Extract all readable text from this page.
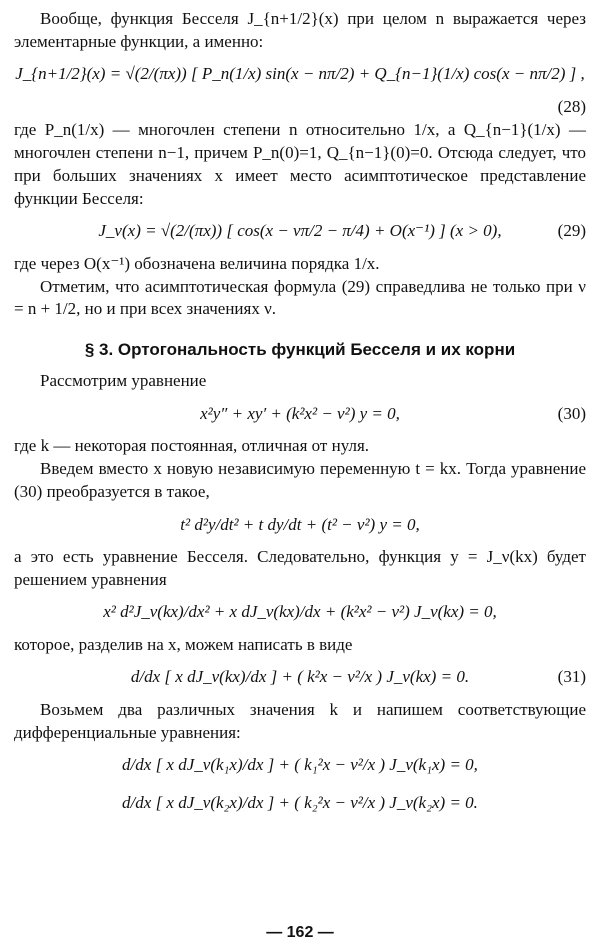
Вообще, функция Бесселя J_{n+1/2}(x) при целом n выражается через элементарные функции, а именно:

J_{n+1/2}(x) = √(2/(πx)) [ P_n(1/x) sin(x − nπ/2) + Q_{n−1}(1/x) cos(x − nπ/2) ] ,

(28)

где P_n(1/x) — многочлен степени n относительно 1/x, а Q_{n−1}(1/x) — многочлен степени n−1, причем P_n(0)=1, Q_{n−1}(0)=0. Отсюда следует, что при больших значениях x имеет место асимптотическое представление функции Бесселя:

J_ν(x) = √(2/(πx)) [ cos(x − νπ/2 − π/4) + O(x⁻¹) ] (x > 0),	(29)

где через O(x⁻¹) обозначена величина порядка 1/x.

Отметим, что асимптотическая формула (29) справедлива не только при ν = n + 1/2, но и при всех значениях ν.

§ 3. Ортогональность функций Бесселя и их корни

Рассмотрим уравнение

x²y″ + xy′ + (k²x² − ν²) y = 0,	(30)

где k — некоторая постоянная, отличная от нуля.

Введем вместо x новую независимую переменную t = kx. Тогда уравнение (30) преобразуется в такое,

t² d²y/dt² + t dy/dt + (t² − ν²) y = 0,

а это есть уравнение Бесселя. Следовательно, функция y = J_ν(kx) будет решением уравнения

x² d²J_ν(kx)/dx² + x dJ_ν(kx)/dx + (k²x² − ν²) J_ν(kx) = 0,

которое, разделив на x, можем написать в виде

d/dx [ x dJ_ν(kx)/dx ] + ( k²x − ν²/x ) J_ν(kx) = 0.	(31)

Возьмем два различных значения k и напишем соответствующие дифференциальные уравнения:

d/dx [ x dJ_ν(k₁x)/dx ] + ( k₁²x − ν²/x ) J_ν(k₁x) = 0,
d/dx [ x dJ_ν(k₂x)/dx ] + ( k₂²x − ν²/x ) J_ν(k₂x) = 0.
— 162 —
